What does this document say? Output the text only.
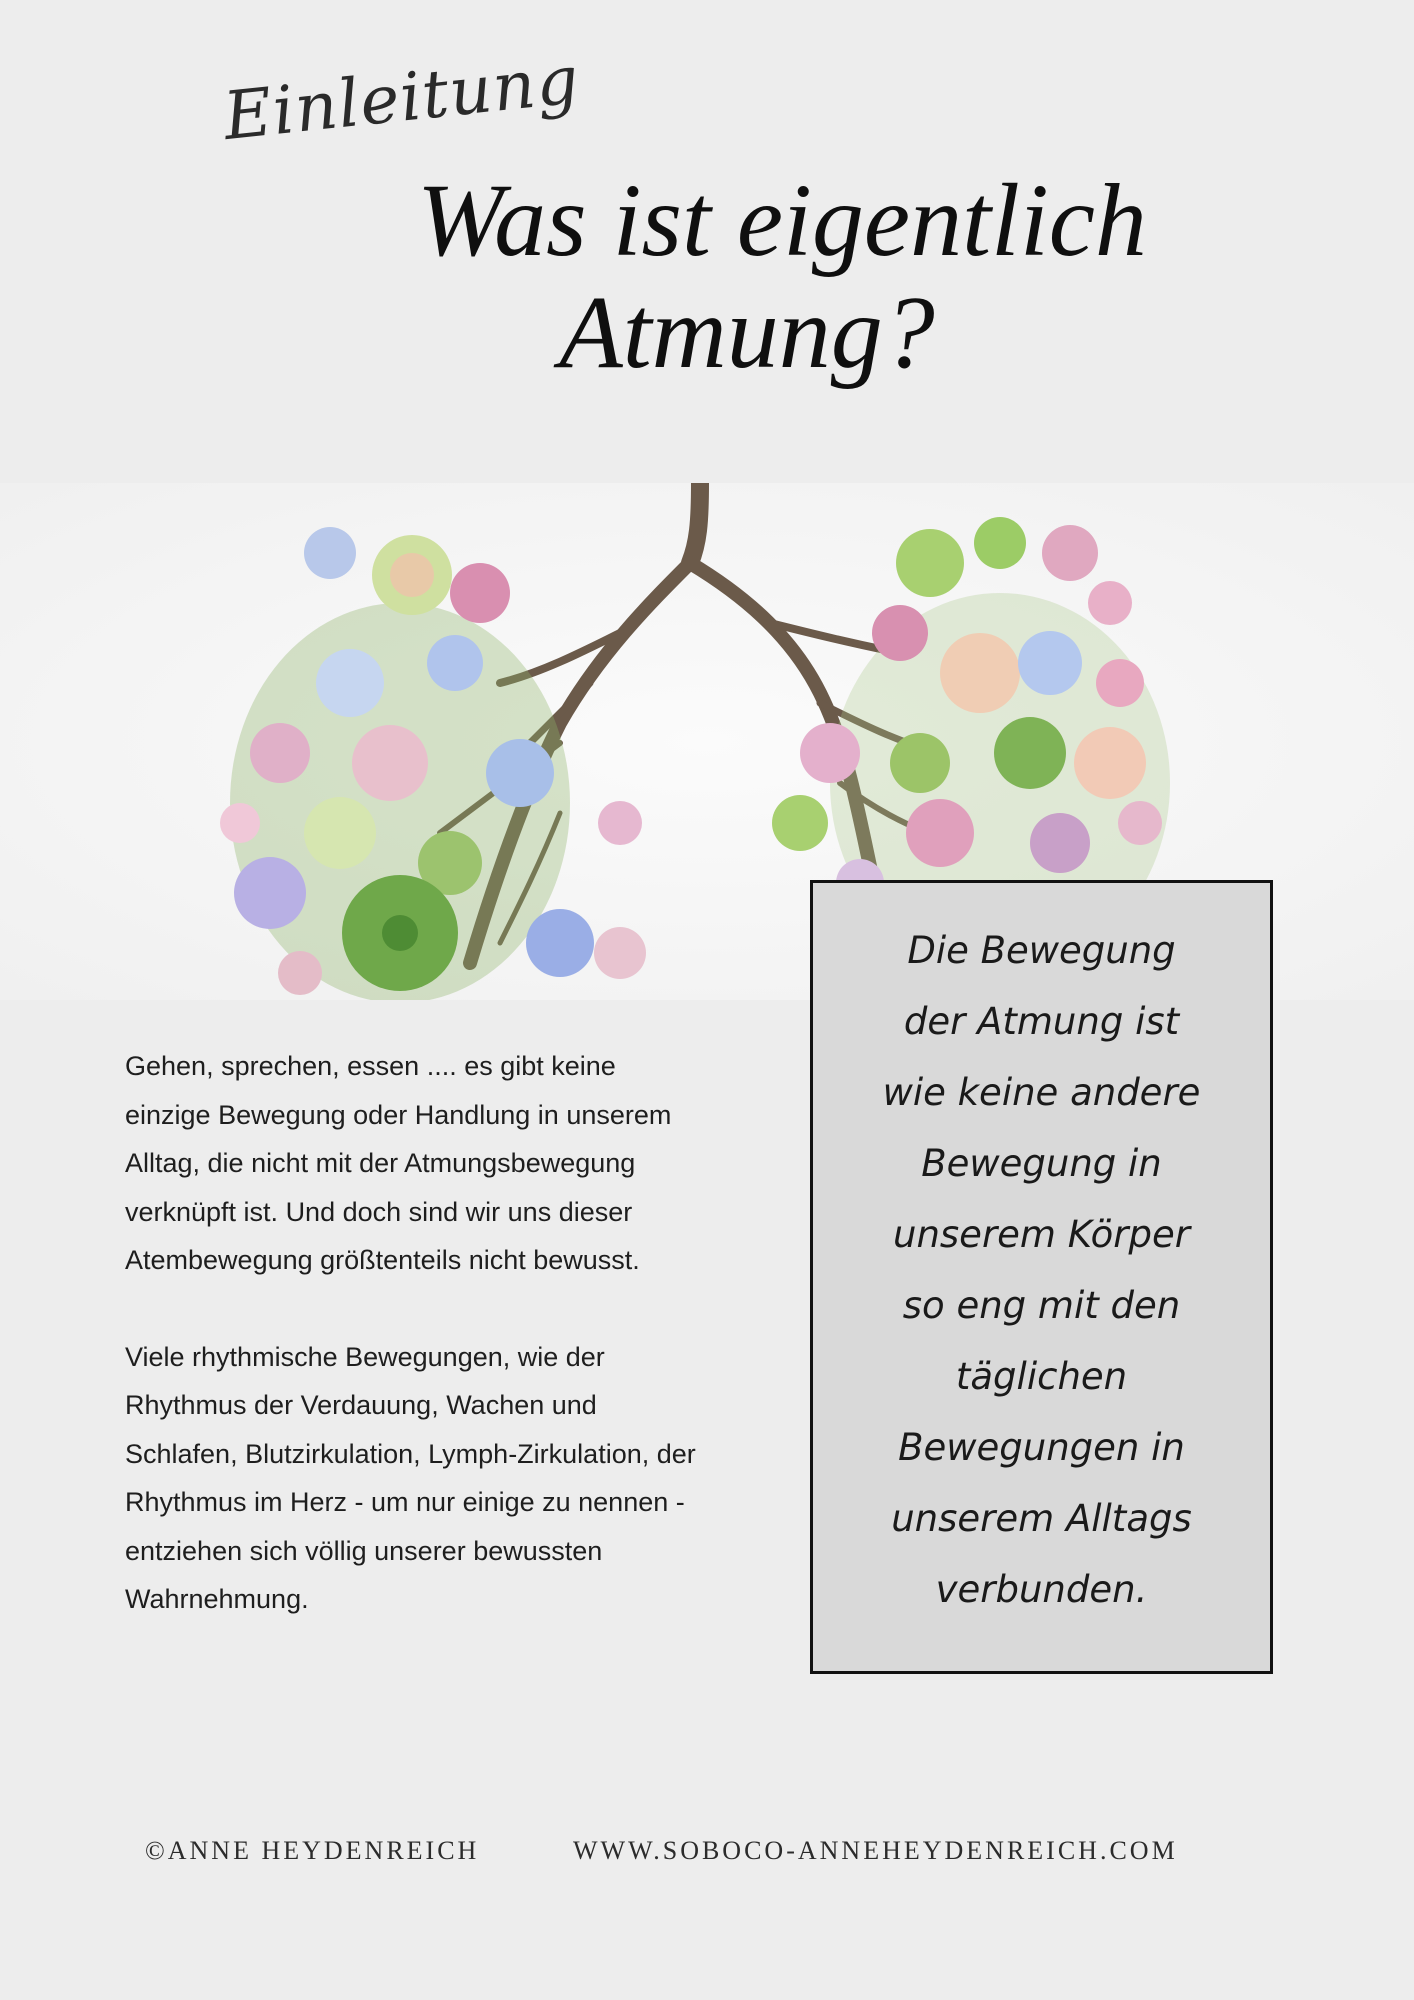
Einleitung
Was ist eigentlich
Atmung?

Gehen, sprechen, essen .... es gibt keine einzige Bewegung oder Handlung in unserem Alltag, die nicht mit der Atmungsbewegung verknüpft ist. Und doch sind wir uns dieser Atembewegung größtenteils nicht bewusst.

Viele rhythmische Bewegungen, wie der Rhythmus der Verdauung, Wachen und Schlafen, Blutzirkulation, Lymph-Zirkulation, der Rhythmus im Herz - um nur einige zu nennen - entziehen sich völlig unserer bewussten Wahrnehmung.

Die Bewegung
der Atmung ist
wie keine andere
Bewegung in
unserem Körper
so eng mit den
täglichen
Bewegungen in
unserem Alltags
verbunden.
©ANNE HEYDENREICH	WWW.SOBOCO-ANNEHEYDENREICH.COM
